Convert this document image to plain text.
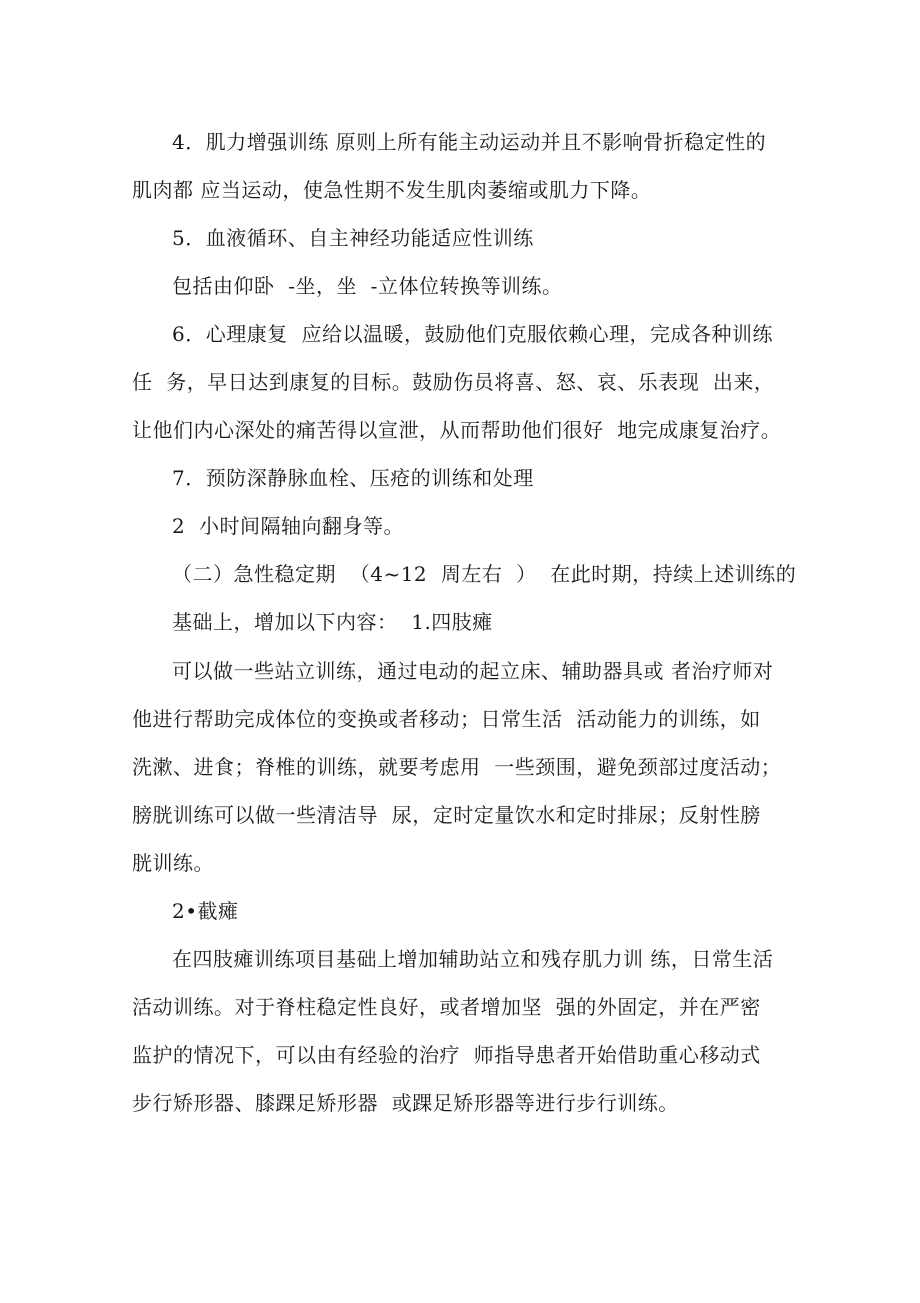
4．肌力增强训练 原则上所有能主动运动并且不影响骨折稳定性的
肌肉都 应当运动，使急性期不发生肌肉萎缩或肌力下降。
5．血液循环、自主神经功能适应性训练
包括由仰卧  -坐，坐  -立体位转换等训练。
6．心理康复  应给以温暖，鼓励他们克服依赖心理，完成各种训练
任  务，早日达到康复的目标。鼓励伤员将喜、怒、哀、乐表现  出来，
让他们内心深处的痛苦得以宣泄，从而帮助他们很好  地完成康复治疗。
7．预防深静脉血栓、压疮的训练和处理
2  小时间隔轴向翻身等。
（二）急性稳定期  （4~12  周左右  ）  在此时期，持续上述训练的
基础上，增加以下内容：  1.四肢瘫
可以做一些站立训练，通过电动的起立床、辅助器具或 者治疗师对
他进行帮助完成体位的变换或者移动；日常生活  活动能力的训练，如
洗漱、进食；脊椎的训练，就要考虑用  一些颈围，避免颈部过度活动；
膀胱训练可以做一些清洁导  尿，定时定量饮水和定时排尿；反射性膀
胱训练。
2•截瘫
在四肢瘫训练项目基础上增加辅助站立和残存肌力训 练，日常生活
活动训练。对于脊柱稳定性良好，或者增加坚  强的外固定，并在严密
监护的情况下，可以由有经验的治疗  师指导患者开始借助重心移动式
步行矫形器、膝踝足矫形器  或踝足矫形器等进行步行训练。
